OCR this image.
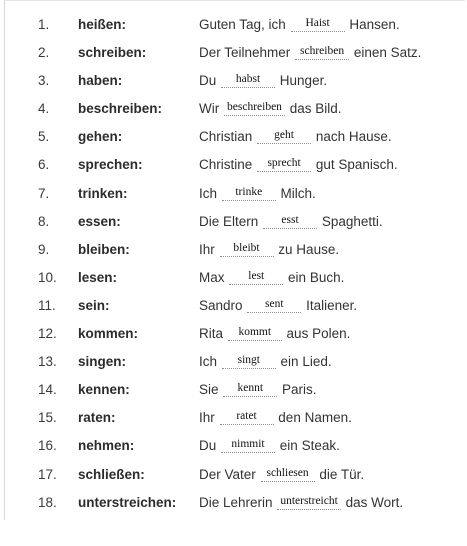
1. heißen:	Guten Tag, ich Haist Hansen.
2. schreiben:	Der Teilnehmer schreiben einen Satz.
3. haben:	Du habst Hunger.
4. beschreiben:	Wir beschreiben das Bild.
5. gehen:	Christian geht nach Hause.
6. sprechen:	Christine sprecht gut Spanisch.
7. trinken:	Ich trinke Milch.
8. essen:	Die Eltern esst Spaghetti.
9. bleiben:	Ihr bleibt zu Hause.
10. lesen:	Max lest ein Buch.
11. sein:	Sandro sent Italiener.
12. kommen:	Rita kommt aus Polen.
13. singen:	Ich singt ein Lied.
14. kennen:	Sie kennt Paris.
15. raten:	Ihr ratet den Namen.
16. nehmen:	Du nimmit ein Steak.
17. schließen:	Der Vater schliesen die Tür.
18. unterstreichen: Die Lehrerin unterstreicht das Wort.
